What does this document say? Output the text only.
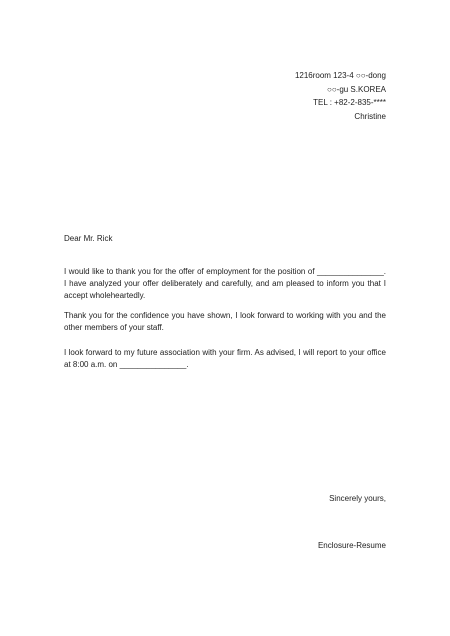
1216room 123-4 ○○-dong
○○-gu S.KOREA
TEL : +82-2-835-****
Christine
Dear Mr. Rick

I would like to thank you for the offer of employment for the position of _______________. I have analyzed your offer deliberately and carefully, and am pleased to inform you that I accept wholeheartedly.

Thank you for the confidence you have shown, I look forward to working with you and the other members of your staff.

I look forward to my future association with your firm. As advised, I will report to your office at 8:00 a.m. on _______________.

Sincerely yours,
Enclosure-Resume
